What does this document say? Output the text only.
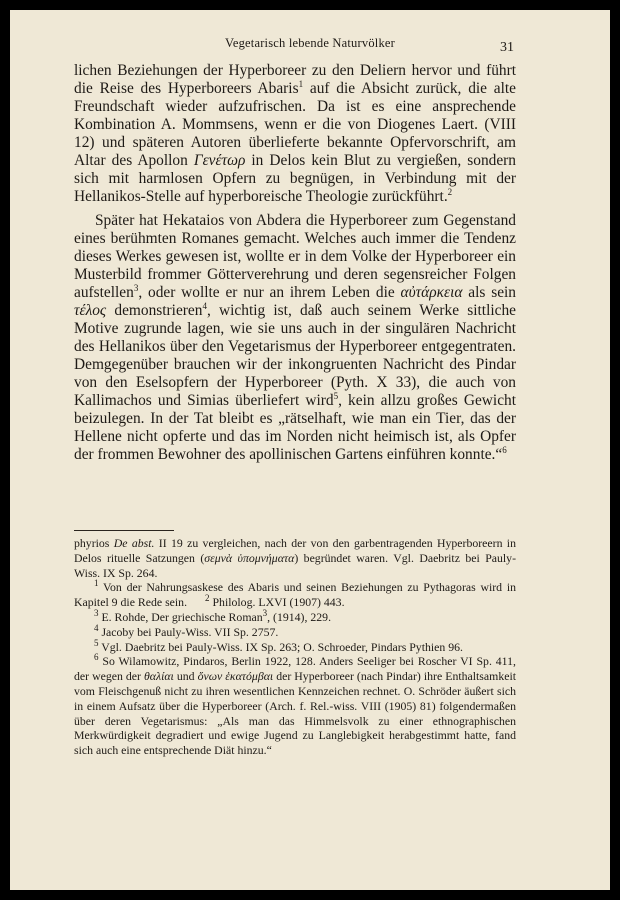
Vegetarisch lebende Naturvölker	31

lichen Beziehungen der Hyperboreer zu den Deliern hervor und führt die Reise des Hyperboreers Abaris$^1$ auf die Absicht zurück, die alte Freundschaft wieder aufzufrischen. Da ist es eine ansprechende Kombination A. Mommsens, wenn er die von Diogenes Laert. (VIII 12) und späteren Autoren überlieferte bekannte Opfervorschrift, am Altar des Apollon Γενέτωρ in Delos kein Blut zu vergießen, sondern sich mit harmlosen Opfern zu begnügen, in Verbindung mit der Hellanikos-Stelle auf hyperboreische Theologie zurückführt.$^2$

Später hat Hekataios von Abdera die Hyperboreer zum Gegenstand eines berühmten Romanes gemacht. Welches auch immer die Tendenz dieses Werkes gewesen ist, wollte er in dem Volke der Hyperboreer ein Musterbild frommer Götterverehrung und deren segensreicher Folgen aufstellen$^3$, oder wollte er nur an ihrem Leben die αὐτάρκεια als sein τέλος demonstrieren$^4$, wichtig ist, daß auch seinem Werke sittliche Motive zugrunde lagen, wie sie uns auch in der singulären Nachricht des Hellanikos über den Vegetarismus der Hyperboreer entgegentraten. Demgegenüber brauchen wir der inkongruenten Nachricht des Pindar von den Eselsopfern der Hyperboreer (Pyth. X 33), die auch von Kallimachos und Simias überliefert wird$^5$, kein allzu großes Gewicht beizulegen. In der Tat bleibt es „rätselhaft, wie man ein Tier, das der Hellene nicht opferte und das im Norden nicht heimisch ist, als Opfer der frommen Bewohner des apollinischen Gartens einführen konnte.“$^6$

phyrios De abst. II 19 zu vergleichen, nach der von den garbentragenden Hyperboreern in Delos rituelle Satzungen (σεμνὰ ὑπομνήματα) begründet waren. Vgl. Daebritz bei Pauly-Wiss. IX Sp. 264.

$^1$ Von der Nahrungsaskese des Abaris und seinen Beziehungen zu Pythagoras wird in Kapitel 9 die Rede sein. $^2$ Philolog. LXVI (1907) 443.

$^3$ E. Rohde, Der griechische Roman$^3$, (1914), 229.

$^4$ Jacoby bei Pauly-Wiss. VII Sp. 2757.

$^5$ Vgl. Daebritz bei Pauly-Wiss. IX Sp. 263; O. Schroeder, Pindars Pythien 96.

$^6$ So Wilamowitz, Pindaros, Berlin 1922, 128. Anders Seeliger bei Roscher VI Sp. 411, der wegen der θαλίαι und ὄνων ἑκατόμβαι der Hyperboreer (nach Pindar) ihre Enthaltsamkeit vom Fleischgenuß nicht zu ihren wesentlichen Kennzeichen rechnet. O. Schröder äußert sich in einem Aufsatz über die Hyperboreer (Arch. f. Rel.-wiss. VIII (1905) 81) folgendermaßen über deren Vegetarismus: „Als man das Himmelsvolk zu einer ethnographischen Merkwürdigkeit degradiert und ewige Jugend zu Langlebigkeit herabgestimmt hatte, fand sich auch eine entsprechende Diät hinzu.“
